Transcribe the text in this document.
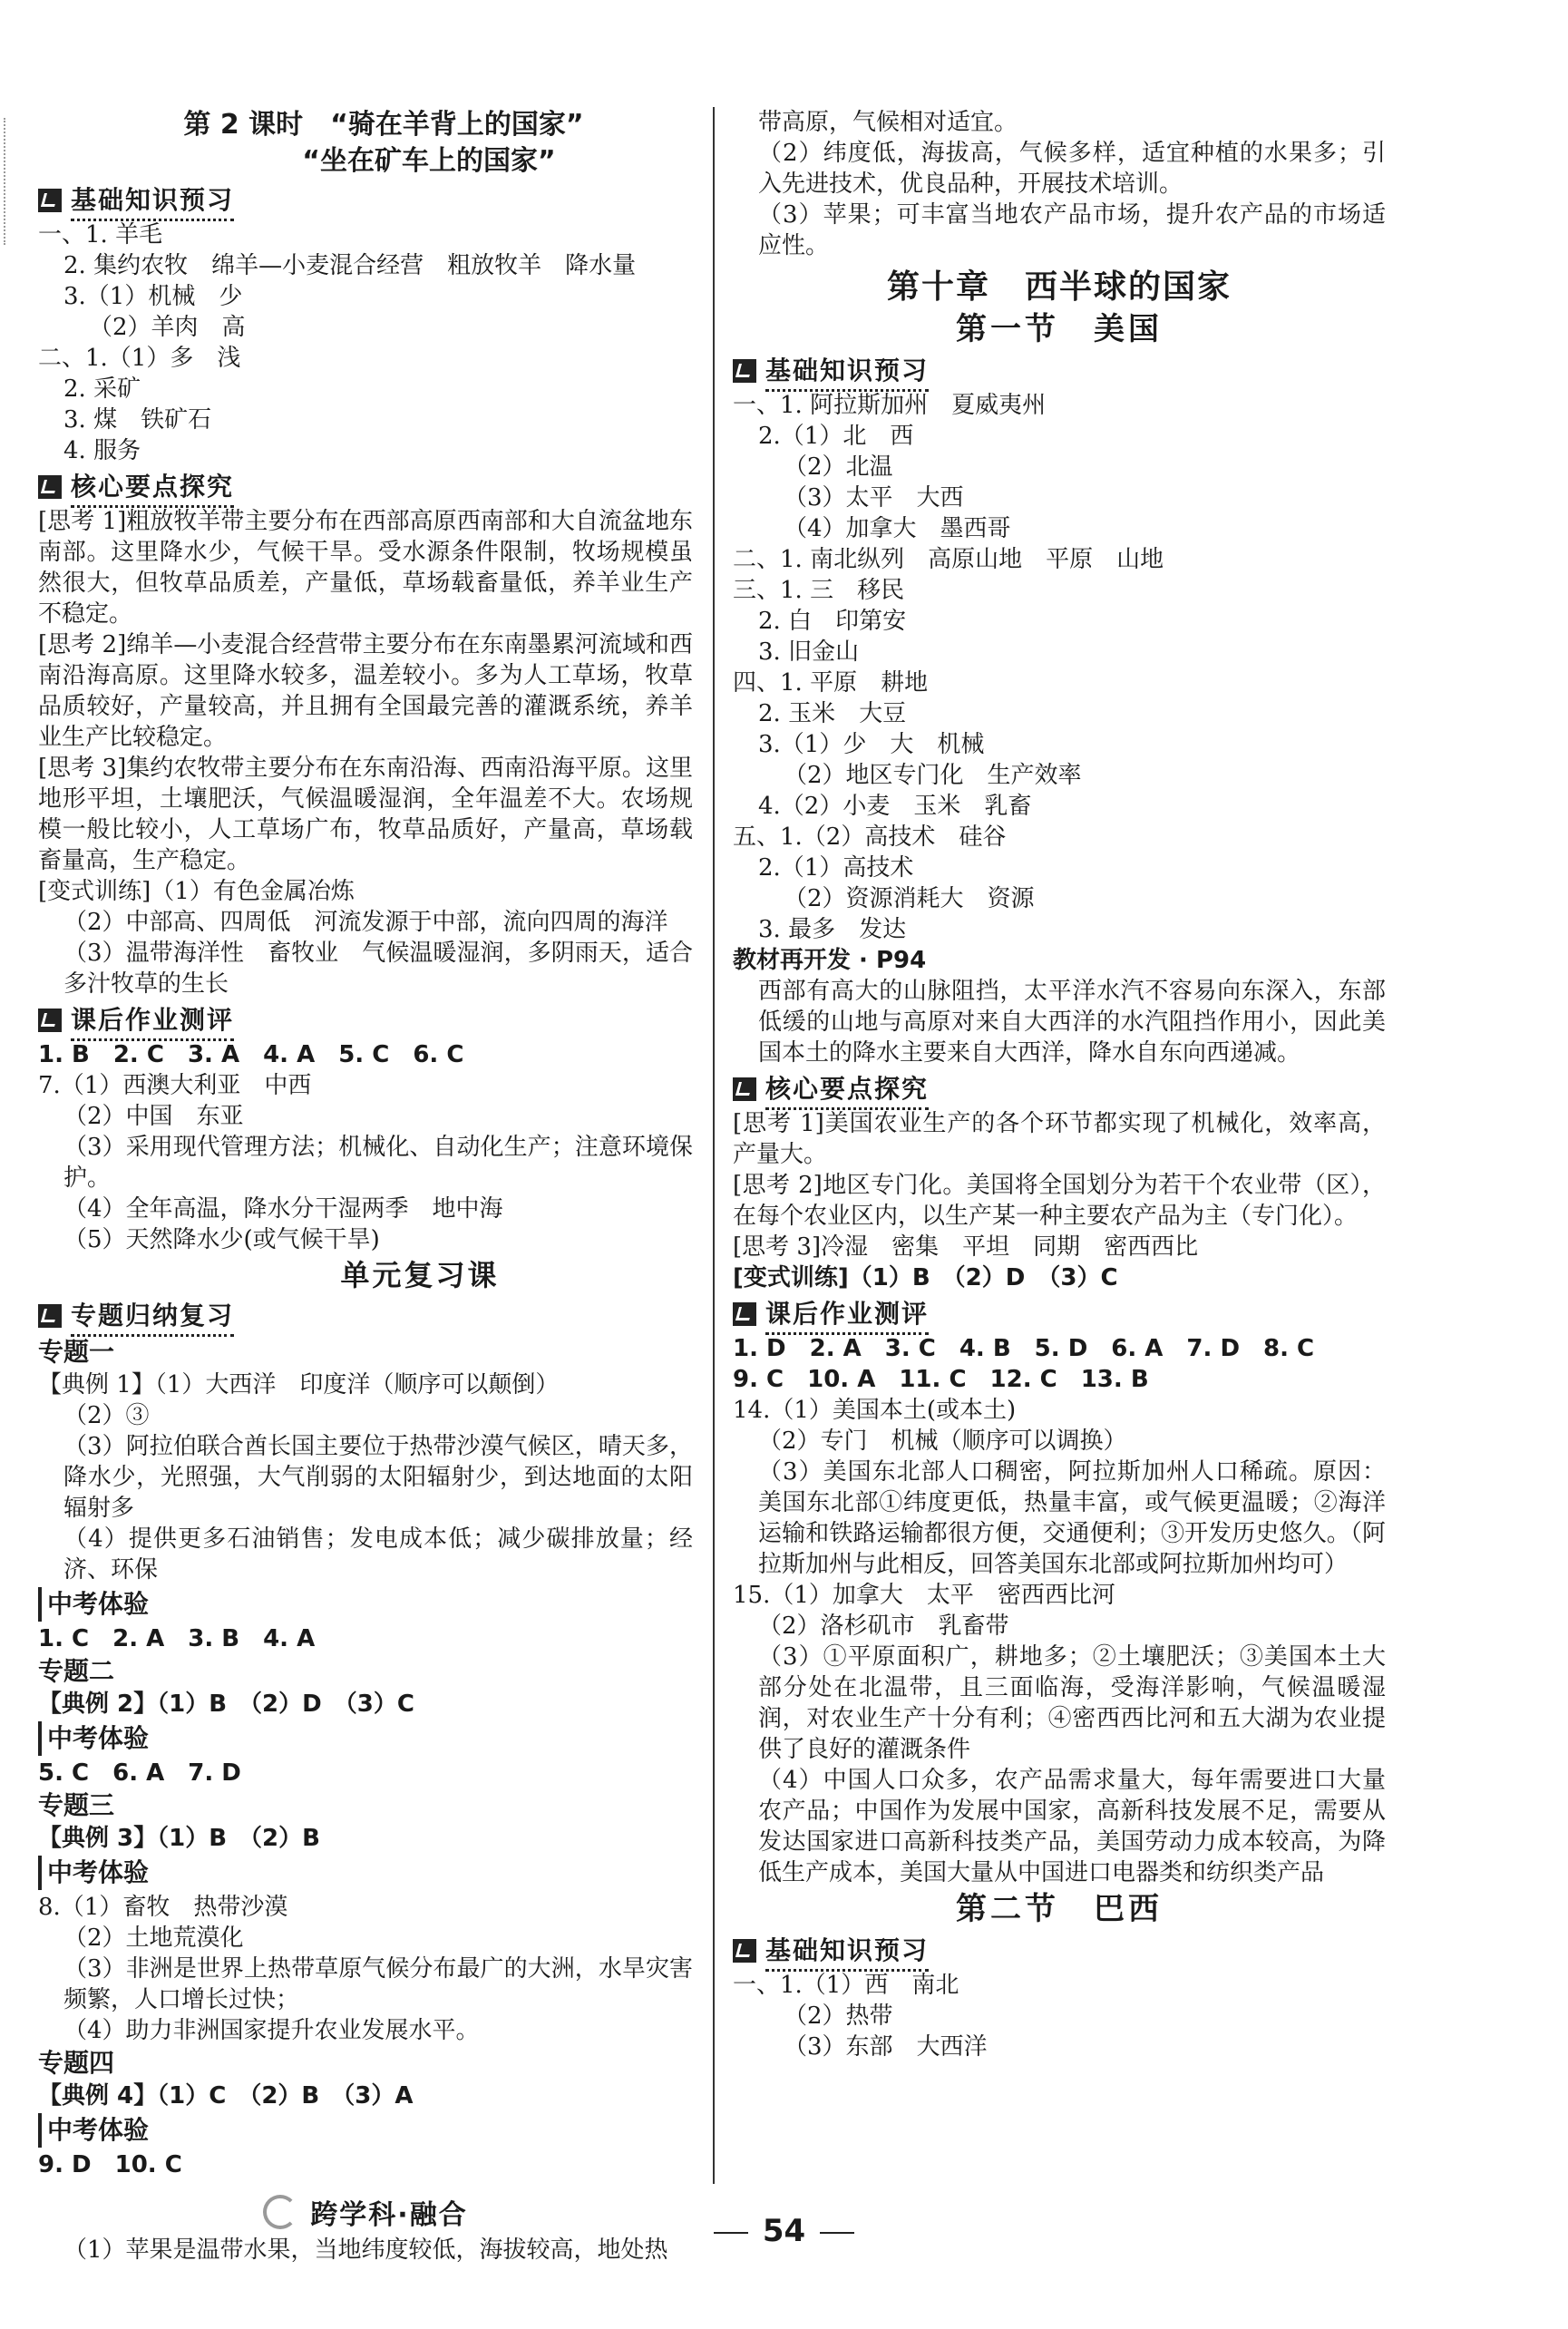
第 2 课时　“骑在羊背上的国家”
“坐在矿车上的国家”
基础知识预习
一、1. 羊毛
2. 集约农牧　绵羊—小麦混合经营　粗放牧羊　降水量
3.（1）机械　少
（2）羊肉　高
二、1.（1）多　浅
2. 采矿
3. 煤　铁矿石
4. 服务
核心要点探究
[思考 1]粗放牧羊带主要分布在西部高原西南部和大自流盆地东南部。这里降水少，气候干旱。受水源条件限制，牧场规模虽然很大，但牧草品质差，产量低，草场载畜量低，养羊业生产不稳定。
[思考 2]绵羊—小麦混合经营带主要分布在东南墨累河流域和西南沿海高原。这里降水较多，温差较小。多为人工草场，牧草品质较好，产量较高，并且拥有全国最完善的灌溉系统，养羊业生产比较稳定。
[思考 3]集约农牧带主要分布在东南沿海、西南沿海平原。这里地形平坦，土壤肥沃，气候温暖湿润，全年温差不大。农场规模一般比较小，人工草场广布，牧草品质好，产量高，草场载畜量高，生产稳定。
[变式训练]（1）有色金属冶炼
（2）中部高、四周低　河流发源于中部，流向四周的海洋
（3）温带海洋性　畜牧业　气候温暖湿润，多阴雨天，适合多汁牧草的生长
课后作业测评
1. B　2. C　3. A　4. A　5. C　6. C
7.（1）西澳大利亚　中西
（2）中国　东亚
（3）采用现代管理方法；机械化、自动化生产；注意环境保护。
（4）全年高温，降水分干湿两季　地中海
（5）天然降水少(或气候干旱)
单元复习课
专题归纳复习
专题一
【典例 1】（1）大西洋　印度洋（顺序可以颠倒）
（2）③
（3）阿拉伯联合酋长国主要位于热带沙漠气候区，晴天多，降水少，光照强，大气削弱的太阳辐射少，到达地面的太阳辐射多
（4）提供更多石油销售；发电成本低；减少碳排放量；经济、环保
中考体验
1. C　2. A　3. B　4. A
专题二
【典例 2】（1）B　（2）D　（3）C
中考体验
5. C　6. A　7. D
专题三
【典例 3】（1）B　（2）B
中考体验
8.（1）畜牧　热带沙漠
（2）土地荒漠化
（3）非洲是世界上热带草原气候分布最广的大洲，水旱灾害频繁，人口增长过快；
（4）助力非洲国家提升农业发展水平。
专题四
【典例 4】（1）C　（2）B　（3）A
中考体验
9. D　10. C
跨学科·融合
（1）苹果是温带水果，当地纬度较低，海拔较高，地处热
带高原，气候相对适宜。
（2）纬度低，海拔高，气候多样，适宜种植的水果多；引入先进技术，优良品种，开展技术培训。
（3）苹果；可丰富当地农产品市场，提升农产品的市场适应性。
第十章　西半球的国家
第一节　美国
基础知识预习
一、1. 阿拉斯加州　夏威夷州
2.（1）北　西
（2）北温
（3）太平　大西
（4）加拿大　墨西哥
二、1. 南北纵列　高原山地　平原　山地
三、1. 三　移民
2. 白　印第安
3. 旧金山
四、1. 平原　耕地
2. 玉米　大豆
3.（1）少　大　机械
（2）地区专门化　生产效率
4.（2）小麦　玉米　乳畜
五、1.（2）高技术　硅谷
2.（1）高技术
（2）资源消耗大　资源
3. 最多　发达
教材再开发 · P94
西部有高大的山脉阻挡，太平洋水汽不容易向东深入，东部低缓的山地与高原对来自大西洋的水汽阻挡作用小，因此美国本土的降水主要来自大西洋，降水自东向西递减。
核心要点探究
[思考 1]美国农业生产的各个环节都实现了机械化，效率高，产量大。
[思考 2]地区专门化。美国将全国划分为若干个农业带（区），在每个农业区内，以生产某一种主要农产品为主（专门化）。
[思考 3]冷湿　密集　平坦　同期　密西西比
[变式训练]（1）B　（2）D　（3）C
课后作业测评
1. D　2. A　3. C　4. B　5. D　6. A　7. D　8. C
9. C　10. A　11. C　12. C　13. B
14.（1）美国本土(或本土)
（2）专门　机械（顺序可以调换）
（3）美国东北部人口稠密，阿拉斯加州人口稀疏。原因：美国东北部①纬度更低，热量丰富，或气候更温暖；②海洋运输和铁路运输都很方便，交通便利；③开发历史悠久。（阿拉斯加州与此相反，回答美国东北部或阿拉斯加州均可）
15.（1）加拿大　太平　密西西比河
（2）洛杉矶市　乳畜带
（3）①平原面积广，耕地多；②土壤肥沃；③美国本土大部分处在北温带，且三面临海，受海洋影响，气候温暖湿润，对农业生产十分有利；④密西西比河和五大湖为农业提供了良好的灌溉条件
（4）中国人口众多，农产品需求量大，每年需要进口大量农产品；中国作为发展中国家，高新科技发展不足，需要从发达国家进口高新科技类产品，美国劳动力成本较高，为降低生产成本，美国大量从中国进口电器类和纺织类产品
第二节　巴西
基础知识预习
一、1.（1）西　南北
（2）热带
（3）东部　大西洋
54
